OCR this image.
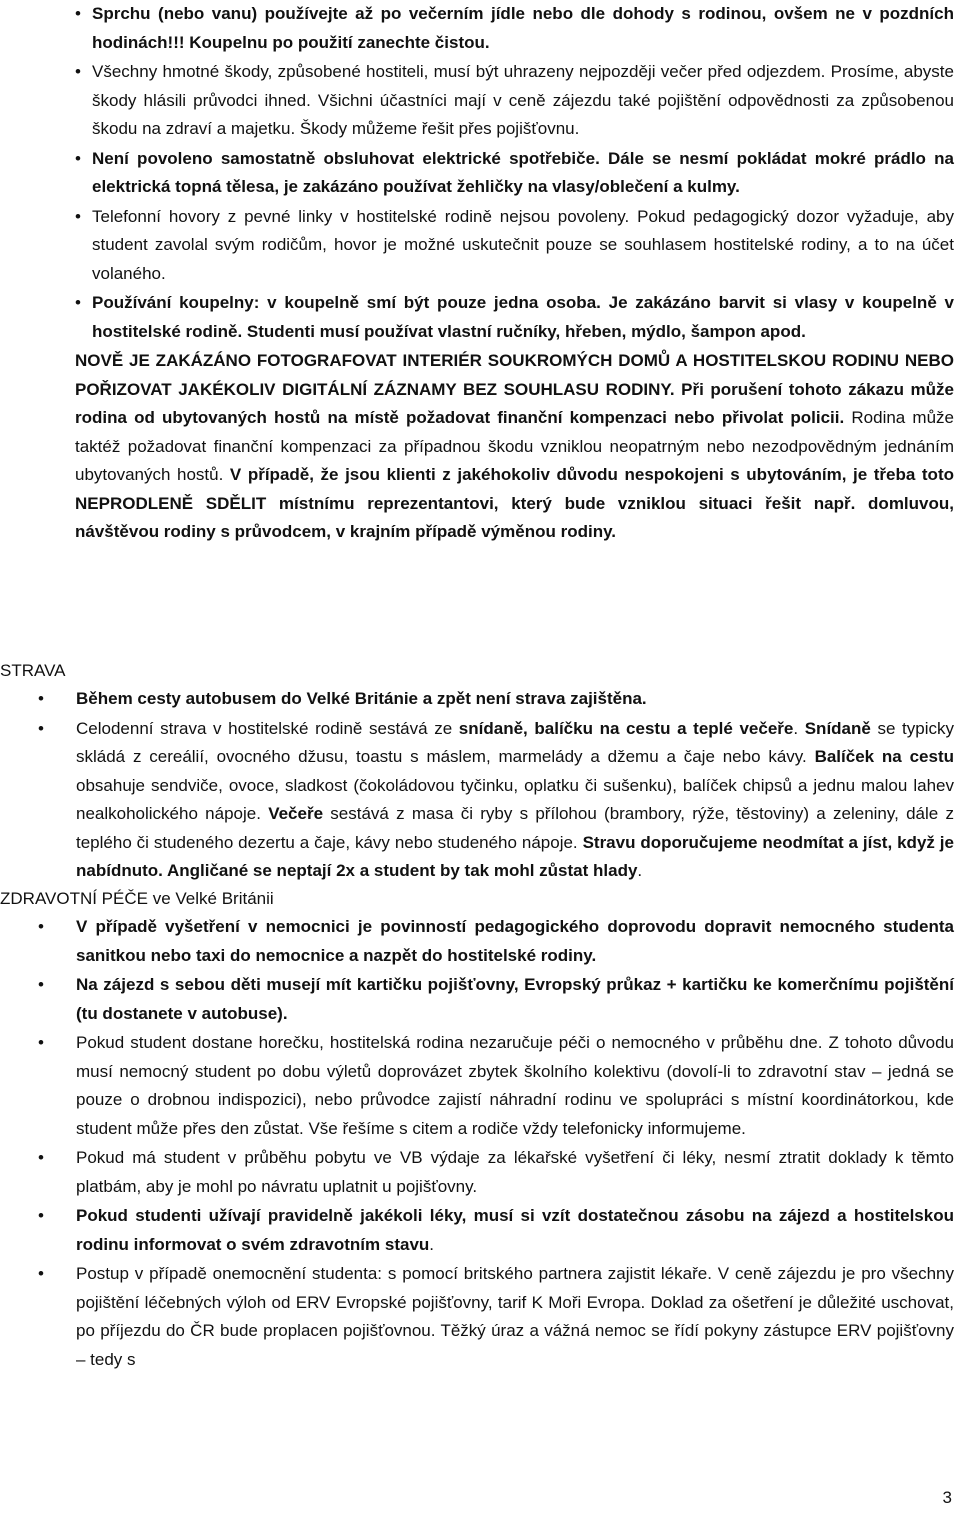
• Sprchu (nebo vanu) používejte až po večerním jídle nebo dle dohody s rodinou, ovšem ne v pozdních hodinách!!! Koupelnu po použití zanechte čistou.
• Všechny hmotné škody, způsobené hostiteli, musí být uhrazeny nejpozději večer před odjezdem. Prosíme, abyste škody hlásili průvodci ihned. Všichni účastníci mají v ceně zájezdu také pojištění odpovědnosti za způsobenou škodu na zdraví a majetku. Škody můžeme řešit přes pojišťovnu.
• Není povoleno samostatně obsluhovat elektrické spotřebiče. Dále se nesmí pokládat mokré prádlo na elektrická topná tělesa, je zakázáno používat žehličky na vlasy/oblečení a kulmy.
• Telefonní hovory z pevné linky v hostitelské rodině nejsou povoleny. Pokud pedagogický dozor vyžaduje, aby student zavolal svým rodičům, hovor je možné uskutečnit pouze se souhlasem hostitelské rodiny, a to na účet volaného.
• Používání koupelny: v koupelně smí být pouze jedna osoba. Je zakázáno barvit si vlasy v koupelně v hostitelské rodině. Studenti musí používat vlastní ručníky, hřeben, mýdlo, šampon apod.

NOVĚ JE ZAKÁZÁNO FOTOGRAFOVAT INTERIÉR SOUKROMÝCH DOMŮ A HOSTITELSKOU RODINU NEBO POŘIZOVAT JAKÉKOLIV DIGITÁLNÍ ZÁZNAMY BEZ SOUHLASU RODINY. Při porušení tohoto zákazu může rodina od ubytovaných hostů na místě požadovat finanční kompenzaci nebo přivolat policii. Rodina může taktéž požadovat finanční kompenzaci za případnou škodu vzniklou neopatrným nebo nezodpovědným jednáním ubytovaných hostů. V případě, že jsou klienti z jakéhokoliv důvodu nespokojeni s ubytováním, je třeba toto NEPRODLENĚ SDĚLIT místnímu reprezentantovi, který bude vzniklou situaci řešit např. domluvou, návštěvou rodiny s průvodcem, v krajním případě výměnou rodiny.

STRAVA

• Během cesty autobusem do Velké Británie a zpět není strava zajištěna.
• Celodenní strava v hostitelské rodině sestává ze snídaně, balíčku na cestu a teplé večeře. Snídaně se typicky skládá z cereálií, ovocného džusu, toastu s máslem, marmelády a džemu a čaje nebo kávy. Balíček na cestu obsahuje sendviče, ovoce, sladkost (čokoládovou tyčinku, oplatku či sušenku), balíček chipsů a jednu malou lahev nealkoholického nápoje. Večeře sestává z masa či ryby s přílohou (brambory, rýže, těstoviny) a zeleniny, dále z teplého či studeného dezertu a čaje, kávy nebo studeného nápoje. Stravu doporučujeme neodmítat a jíst, když je nabídnuto. Angličané se neptají 2x a student by tak mohl zůstat hlady.

ZDRAVOTNÍ PÉČE ve Velké Británii

• V případě vyšetření v nemocnici je povinností pedagogického doprovodu dopravit nemocného studenta sanitkou nebo taxi do nemocnice a nazpět do hostitelské rodiny.
• Na zájezd s sebou děti musejí mít kartičku pojišťovny, Evropský průkaz + kartičku ke komerčnímu pojištění (tu dostanete v autobuse).
• Pokud student dostane horečku, hostitelská rodina nezaručuje péči o nemocného v průběhu dne. Z tohoto důvodu musí nemocný student po dobu výletů doprovázet zbytek školního kolektivu (dovolí-li to zdravotní stav – jedná se pouze o drobnou indispozici), nebo průvodce zajistí náhradní rodinu ve spolupráci s místní koordinátorkou, kde student může přes den zůstat. Vše řešíme s citem a rodiče vždy telefonicky informujeme.
• Pokud má student v průběhu pobytu ve VB výdaje za lékařské vyšetření či léky, nesmí ztratit doklady k těmto platbám, aby je mohl po návratu uplatnit u pojišťovny.
• Pokud studenti užívají pravidelně jakékoli léky, musí si vzít dostatečnou zásobu na zájezd a hostitelskou rodinu informovat o svém zdravotním stavu.
• Postup v případě onemocnění studenta: s pomocí britského partnera zajistit lékaře. V ceně zájezdu je pro všechny pojištění léčebných výloh od ERV Evropské pojišťovny, tarif K Moři Evropa. Doklad za ošetření je důležité uschovat, po příjezdu do ČR bude proplacen pojišťovnou. Těžký úraz a vážná nemoc se řídí pokyny zástupce ERV pojišťovny – tedy s
3
